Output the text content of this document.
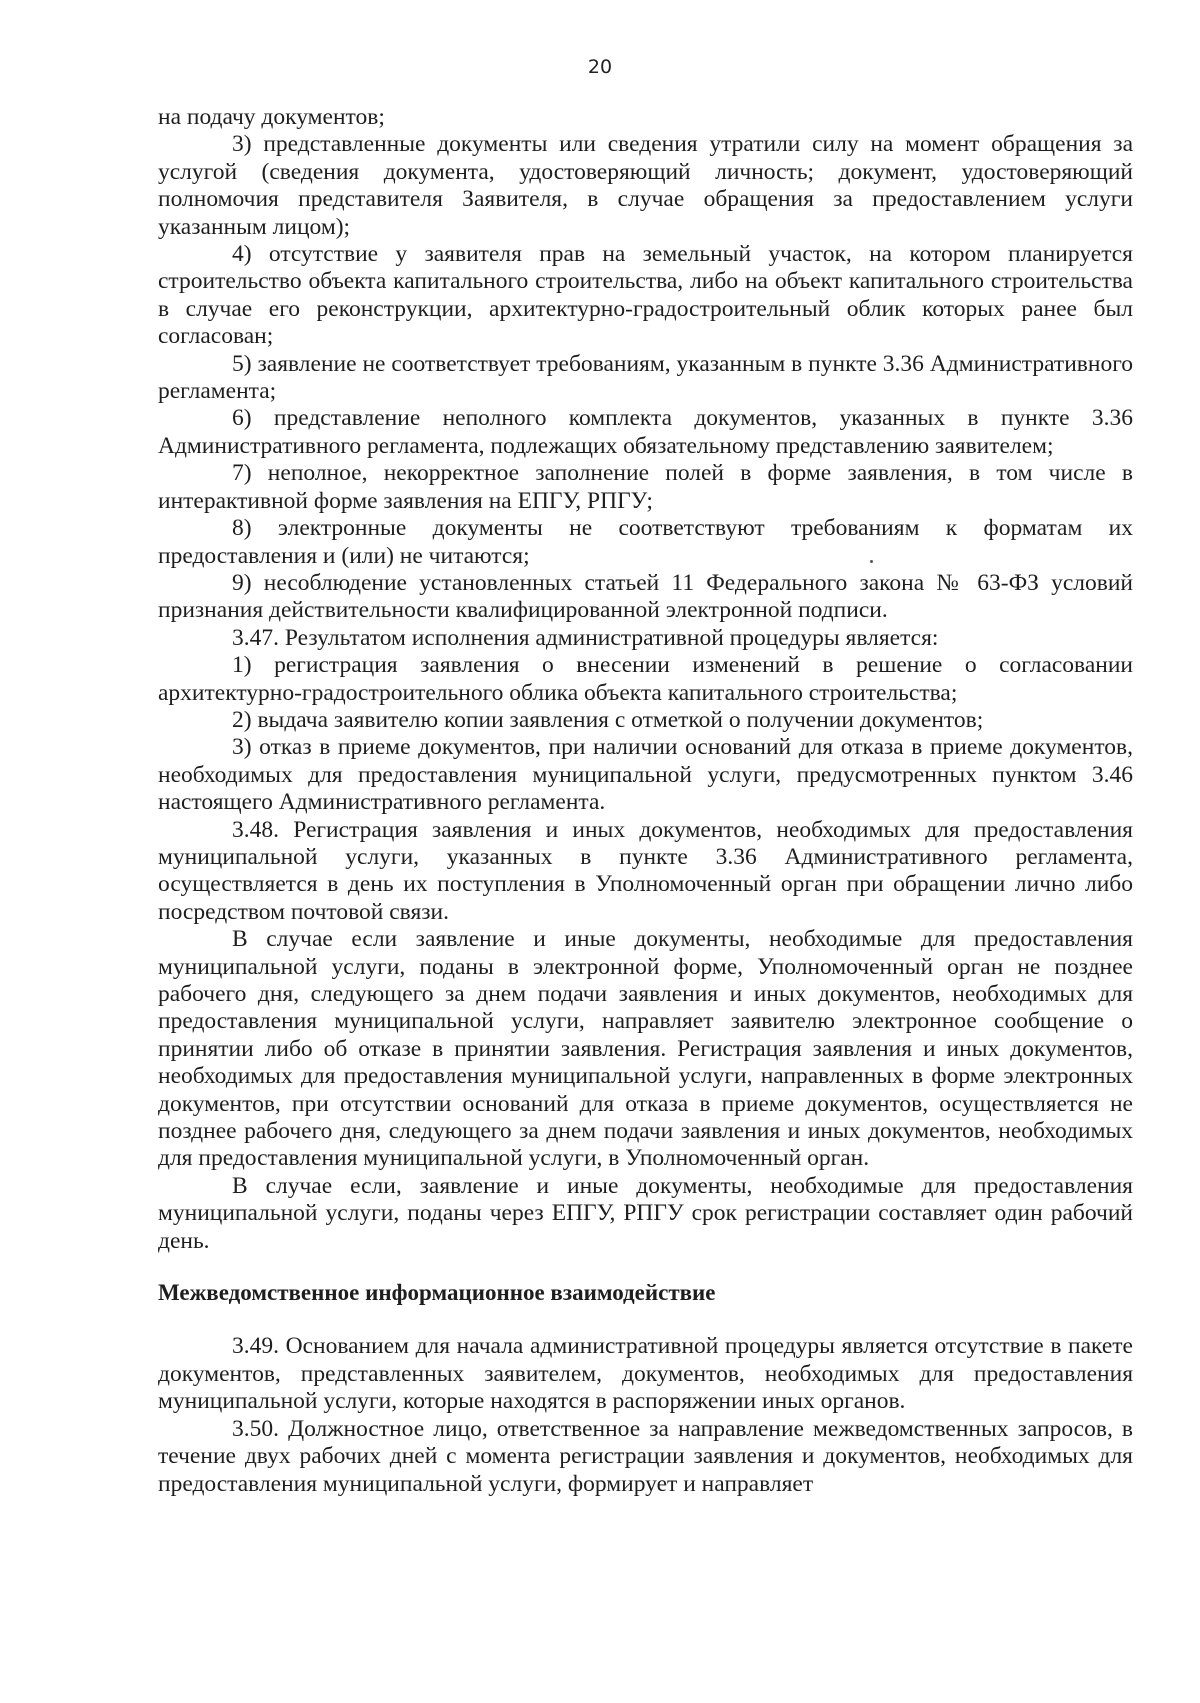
20

на подачу документов;

3) представленные документы или сведения утратили силу на момент обращения за услугой (сведения документа, удостоверяющий личность; документ, удостоверяющий полномочия представителя Заявителя, в случае обращения за предоставлением услуги указанным лицом);

4) отсутствие у заявителя прав на земельный участок, на котором планируется строительство объекта капитального строительства, либо на объект капитального строительства в случае его реконструкции, архитектурно-градостроительный облик которых ранее был согласован;

5) заявление не соответствует требованиям, указанным в пункте 3.36 Административного регламента;

6) представление неполного комплекта документов, указанных в пункте 3.36 Административного регламента, подлежащих обязательному представлению заявителем;

7) неполное, некорректное заполнение полей в форме заявления, в том числе в интерактивной форме заявления на ЕПГУ, РПГУ;

8) электронные документы не соответствуют требованиям к форматам их предоставления и (или) не читаются;

9) несоблюдение установленных статьей 11 Федерального закона № 63-ФЗ условий признания действительности квалифицированной электронной подписи.

3.47. Результатом исполнения административной процедуры является:

1) регистрация заявления о внесении изменений в решение о согласовании архитектурно-градостроительного облика объекта капитального строительства;

2) выдача заявителю копии заявления с отметкой о получении документов;

3) отказ в приеме документов, при наличии оснований для отказа в приеме документов, необходимых для предоставления муниципальной услуги, предусмотренных пунктом 3.46 настоящего Административного регламента.

3.48. Регистрация заявления и иных документов, необходимых для предоставления муниципальной услуги, указанных в пункте 3.36 Административного регламента, осуществляется в день их поступления в Уполномоченный орган при обращении лично либо посредством почтовой связи.

В случае если заявление и иные документы, необходимые для предоставления муниципальной услуги, поданы в электронной форме, Уполномоченный орган не позднее рабочего дня, следующего за днем подачи заявления и иных документов, необходимых для предоставления муниципальной услуги, направляет заявителю электронное сообщение о принятии либо об отказе в принятии заявления. Регистрация заявления и иных документов, необходимых для предоставления муниципальной услуги, направленных в форме электронных документов, при отсутствии оснований для отказа в приеме документов, осуществляется не позднее рабочего дня, следующего за днем подачи заявления и иных документов, необходимых для предоставления муниципальной услуги, в Уполномоченный орган.

В случае если, заявление и иные документы, необходимые для предоставления муниципальной услуги, поданы через ЕПГУ, РПГУ срок регистрации составляет один рабочий день.

Межведомственное информационное взаимодействие

3.49. Основанием для начала административной процедуры является отсутствие в пакете документов, представленных заявителем, документов, необходимых для предоставления муниципальной услуги, которые находятся в распоряжении иных органов.

3.50. Должностное лицо, ответственное за направление межведомственных запросов, в течение двух рабочих дней с момента регистрации заявления и документов, необходимых для предоставления муниципальной услуги, формирует и направляет
